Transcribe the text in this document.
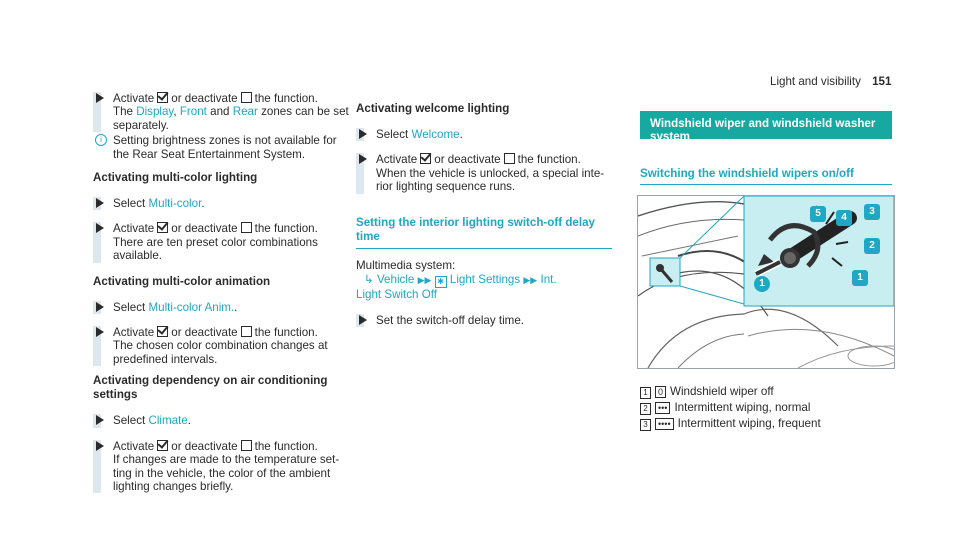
Light and visibility 151
Activate or deactivate the function.
The Display, Front and Rear zones can be set
separately.
i Setting brightness zones is not available for
the Rear Seat Entertainment System.
Activating multi-color lighting
Select Multi-color.
Activate or deactivate the function.
There are ten preset color combinations
available.
Activating multi-color animation
Select Multi-color Anim..
Activate or deactivate the function.
The chosen color combination changes at
predefined intervals.
Activating dependency on air conditioning
settings
Select Climate.
Activate or deactivate the function.
If changes are made to the temperature set-
ting in the vehicle, the color of the ambient
lighting changes briefly.
Activating welcome lighting
Select Welcome.
Activate or deactivate the function.
When the vehicle is unlocked, a special inte-
rior lighting sequence runs.
Setting the interior lighting switch-off delay
time
Multimedia system:
↳ Vehicle ▶▶ ✱ Light Settings ▶▶ Int.
Light Switch Off
Set the switch-off delay time.
Windshield wiper and windshield washer
system
Switching the windshield wipers on/off
1
2
1
3
4
5
1 0 Windshield wiper off
2 ••• Intermittent wiping, normal
3 •••• Intermittent wiping, frequent
